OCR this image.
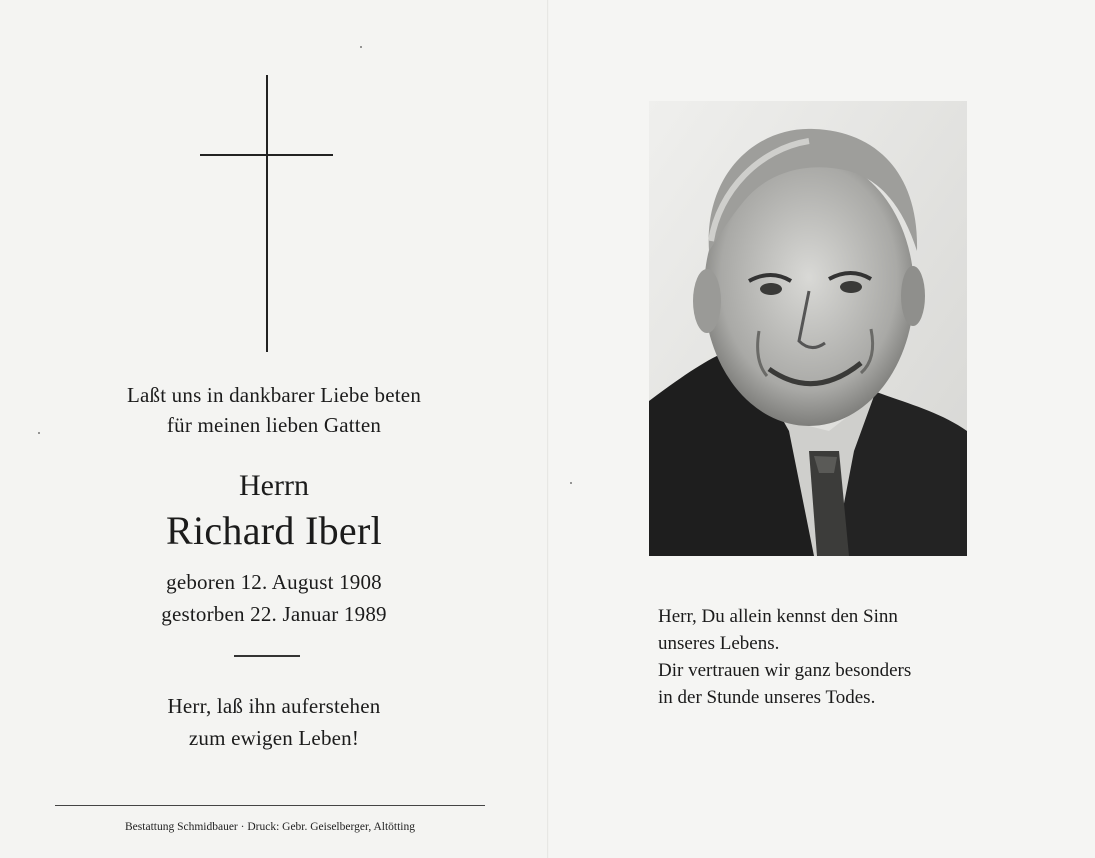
Laßt uns in dankbarer Liebe beten
für meinen lieben Gatten
Herrn
Richard Iberl
geboren 12. August 1908
gestorben 22. Januar 1989
Herr, laß ihn auferstehen
zum ewigen Leben!
Bestattung Schmidbauer · Druck: Gebr. Geiselberger, Altötting
Herr, Du allein kennst den Sinn
unseres Lebens.
Dir vertrauen wir ganz besonders
in der Stunde unseres Todes.
